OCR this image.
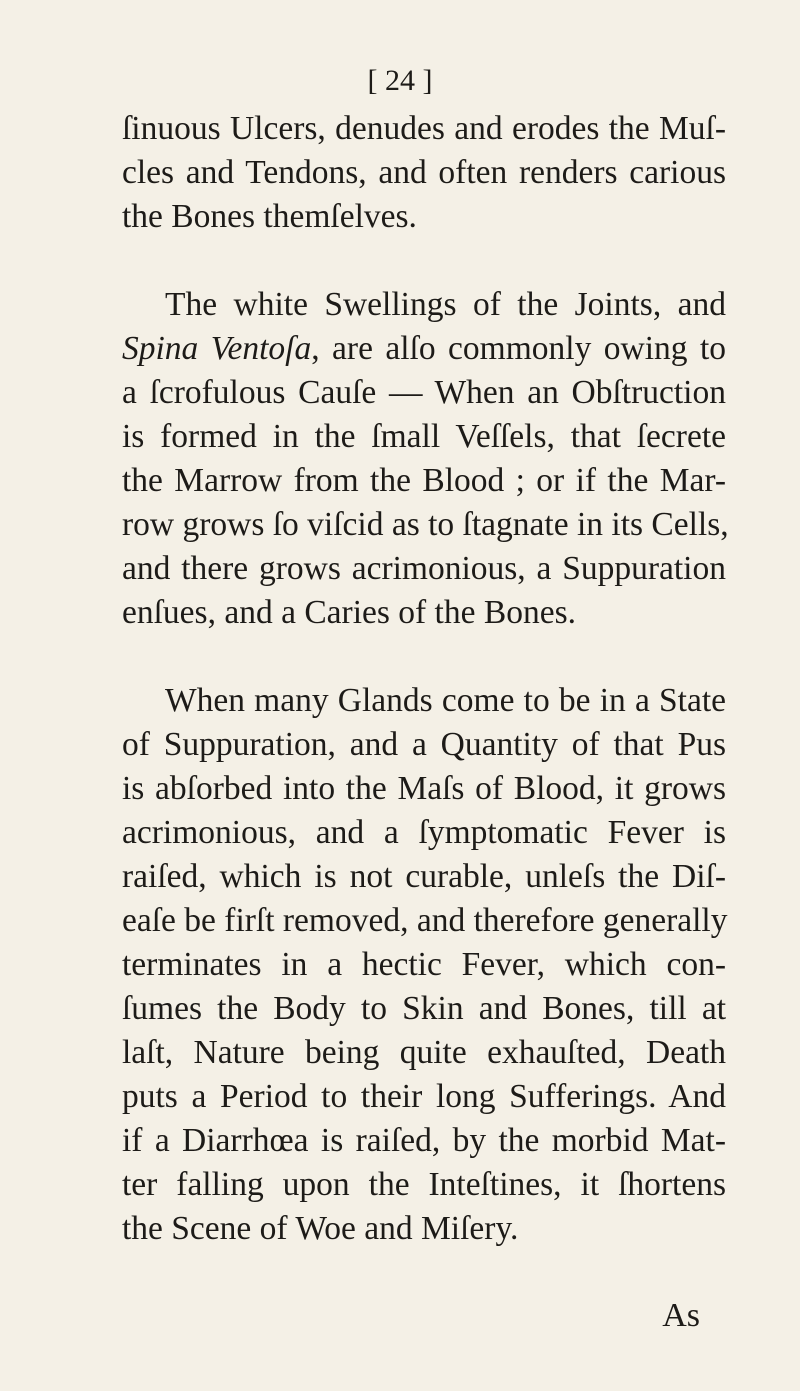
[ 24 ]
ſinuous Ulcers, denudes and erodes the Muſ-
cles and Tendons, and often renders carious
the Bones themſelves.
The white Swellings of the Joints, and
Spina Ventoſa, are alſo commonly owing to
a ſcrofulous Cauſe — When an Obſtruction
is formed in the ſmall Veſſels, that ſecrete
the Marrow from the Blood ; or if the Mar-
row grows ſo viſcid as to ſtagnate in its Cells,
and there grows acrimonious, a Suppuration
enſues, and a Caries of the Bones.
When many Glands come to be in a State
of Suppuration, and a Quantity of that Pus
is abſorbed into the Maſs of Blood, it grows
acrimonious, and a ſymptomatic Fever is
raiſed, which is not curable, unleſs the Diſ-
eaſe be firſt removed, and therefore generally
terminates in a hectic Fever, which con-
ſumes the Body to Skin and Bones, till at
laſt, Nature being quite exhauſted, Death
puts a Period to their long Sufferings. And
if a Diarrhœa is raiſed, by the morbid Mat-
ter falling upon the Inteſtines, it ſhortens
the Scene of Woe and Miſery.
As
